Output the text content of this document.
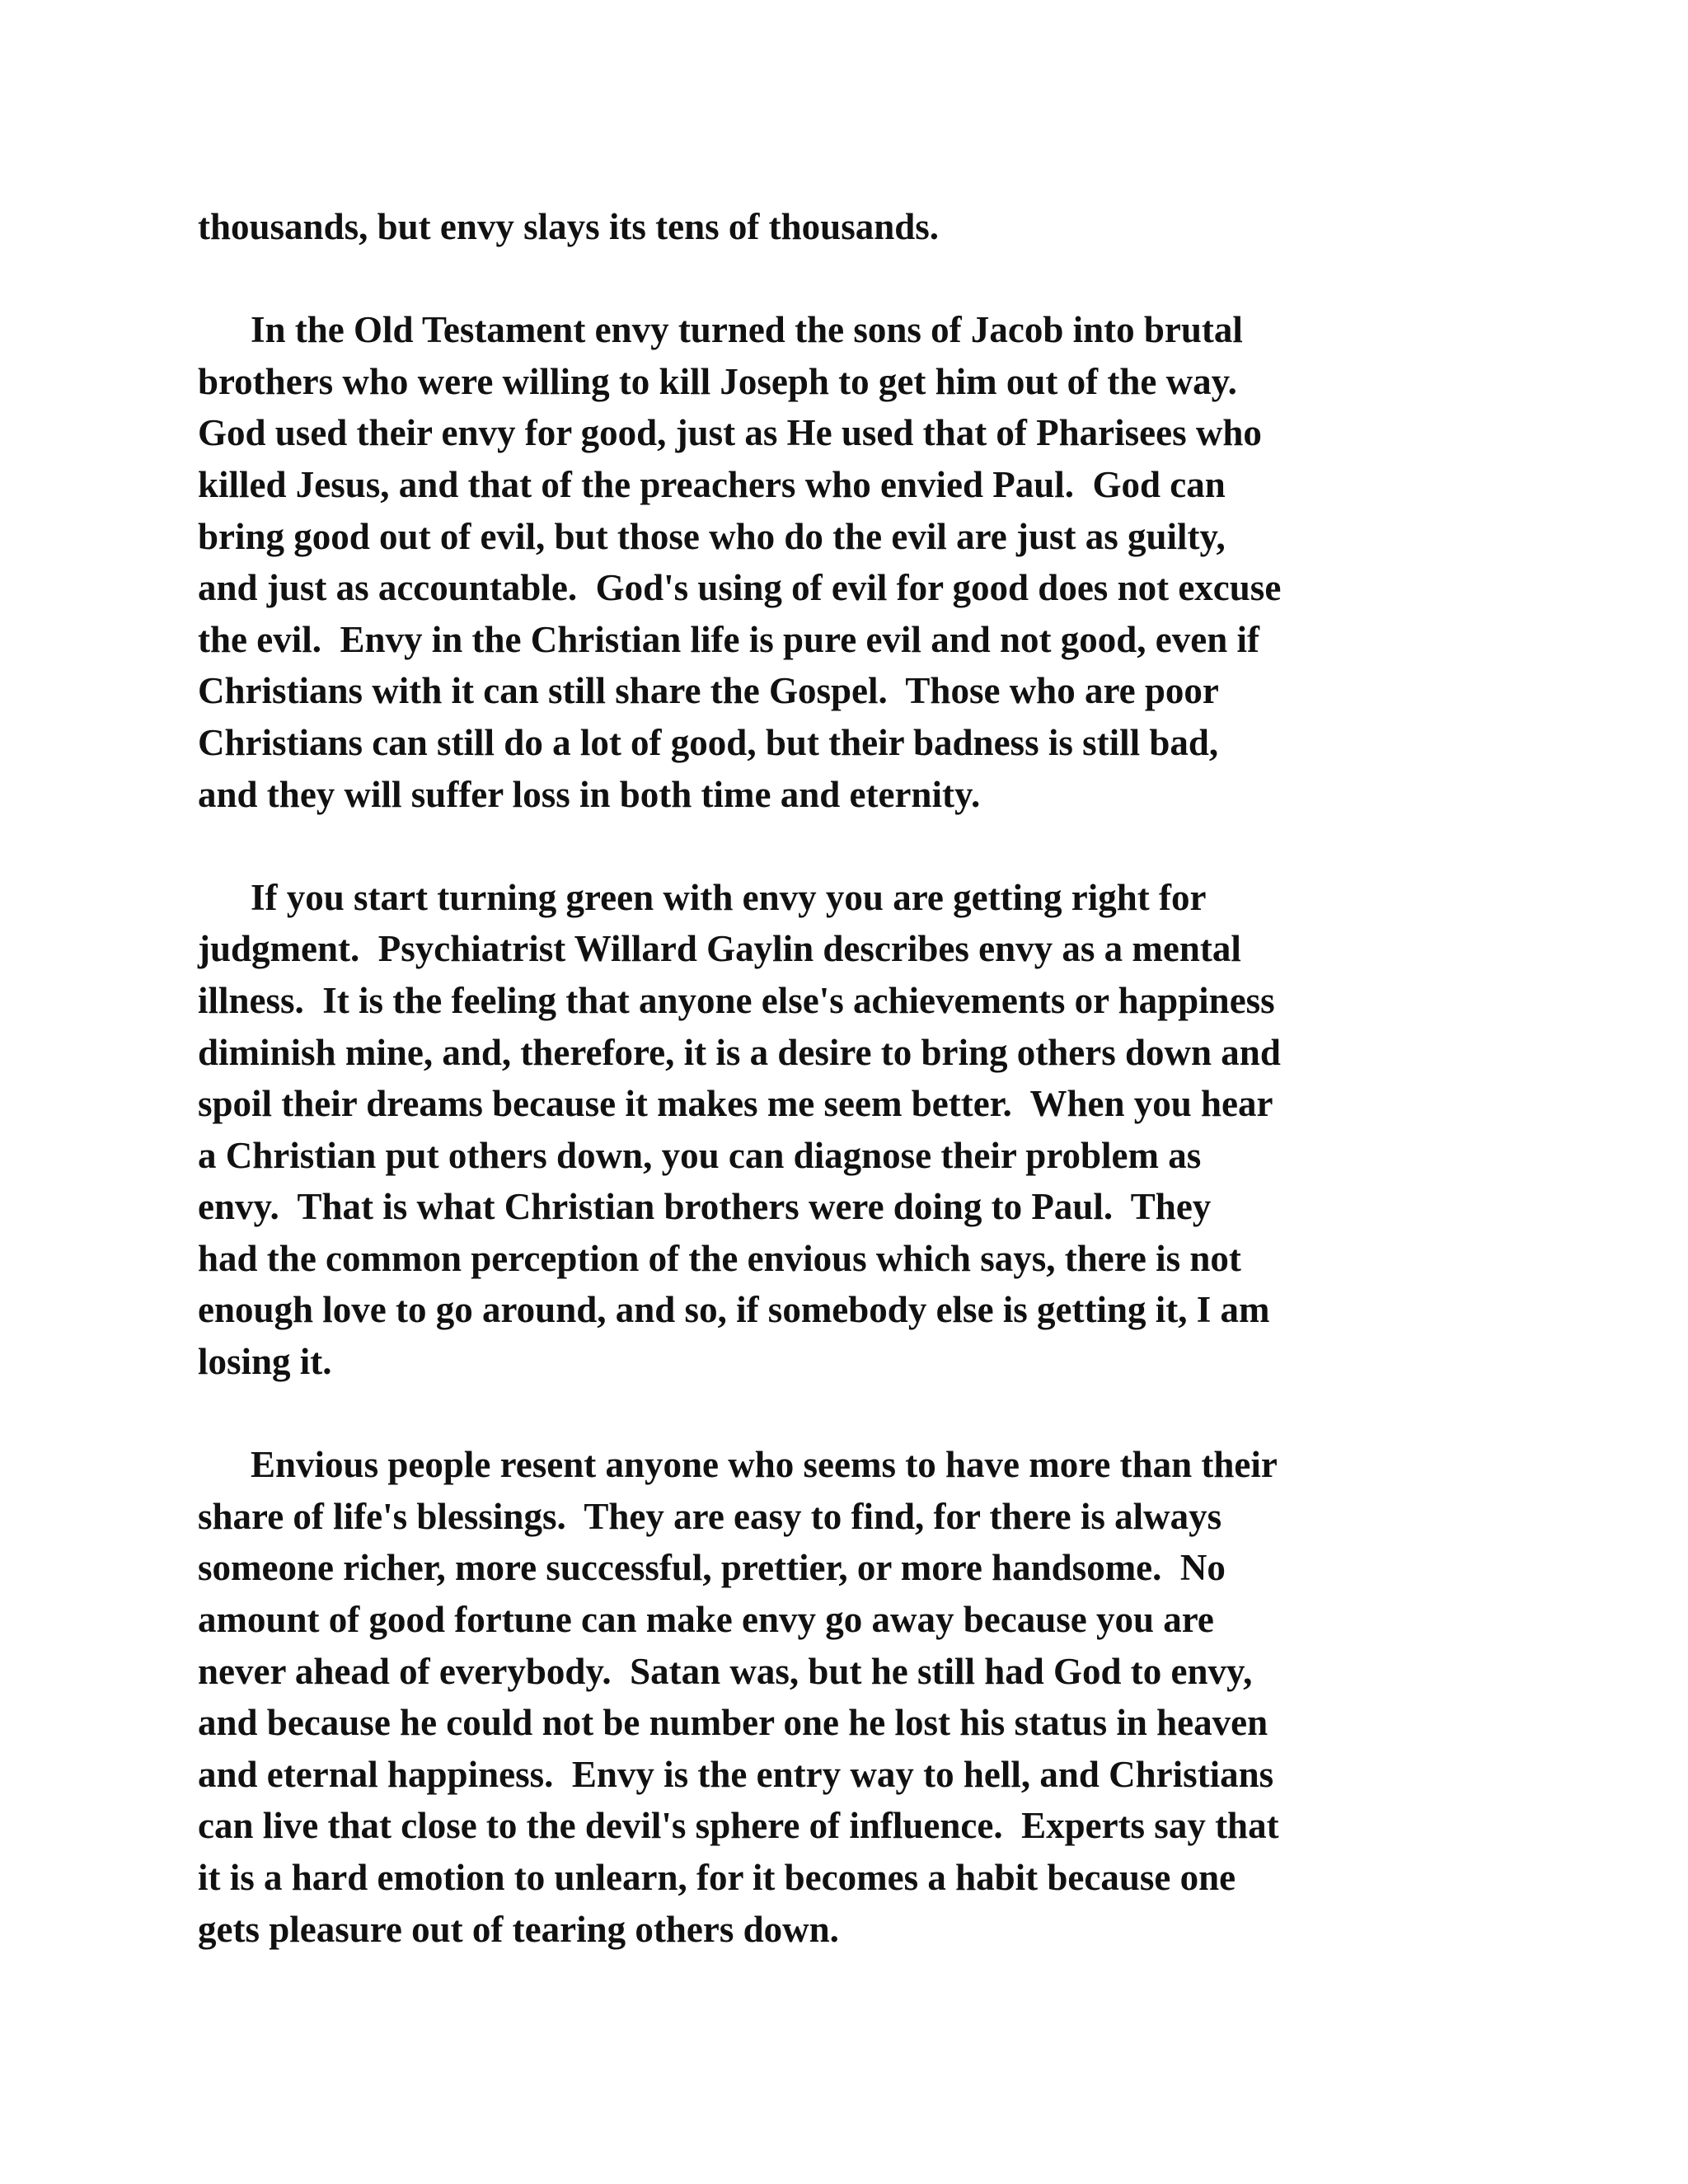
thousands, but envy slays its tens of thousands.
In the Old Testament envy turned the sons of Jacob into brutal
brothers who were willing to kill Joseph to get him out of the way.
God used their envy for good, just as He used that of Pharisees who
killed Jesus, and that of the preachers who envied Paul.  God can
bring good out of evil, but those who do the evil are just as guilty,
and just as accountable.  God's using of evil for good does not excuse
the evil.  Envy in the Christian life is pure evil and not good, even if
Christians with it can still share the Gospel.  Those who are poor
Christians can still do a lot of good, but their badness is still bad,
and they will suffer loss in both time and eternity.
If you start turning green with envy you are getting right for
judgment.  Psychiatrist Willard Gaylin describes envy as a mental
illness.  It is the feeling that anyone else's achievements or happiness
diminish mine, and, therefore, it is a desire to bring others down and
spoil their dreams because it makes me seem better.  When you hear
a Christian put others down, you can diagnose their problem as
envy.  That is what Christian brothers were doing to Paul.  They
had the common perception of the envious which says, there is not
enough love to go around, and so, if somebody else is getting it, I am
losing it.
Envious people resent anyone who seems to have more than their
share of life's blessings.  They are easy to find, for there is always
someone richer, more successful, prettier, or more handsome.  No
amount of good fortune can make envy go away because you are
never ahead of everybody.  Satan was, but he still had God to envy,
and because he could not be number one he lost his status in heaven
and eternal happiness.  Envy is the entry way to hell, and Christians
can live that close to the devil's sphere of influence.  Experts say that
it is a hard emotion to unlearn, for it becomes a habit because one
gets pleasure out of tearing others down.
